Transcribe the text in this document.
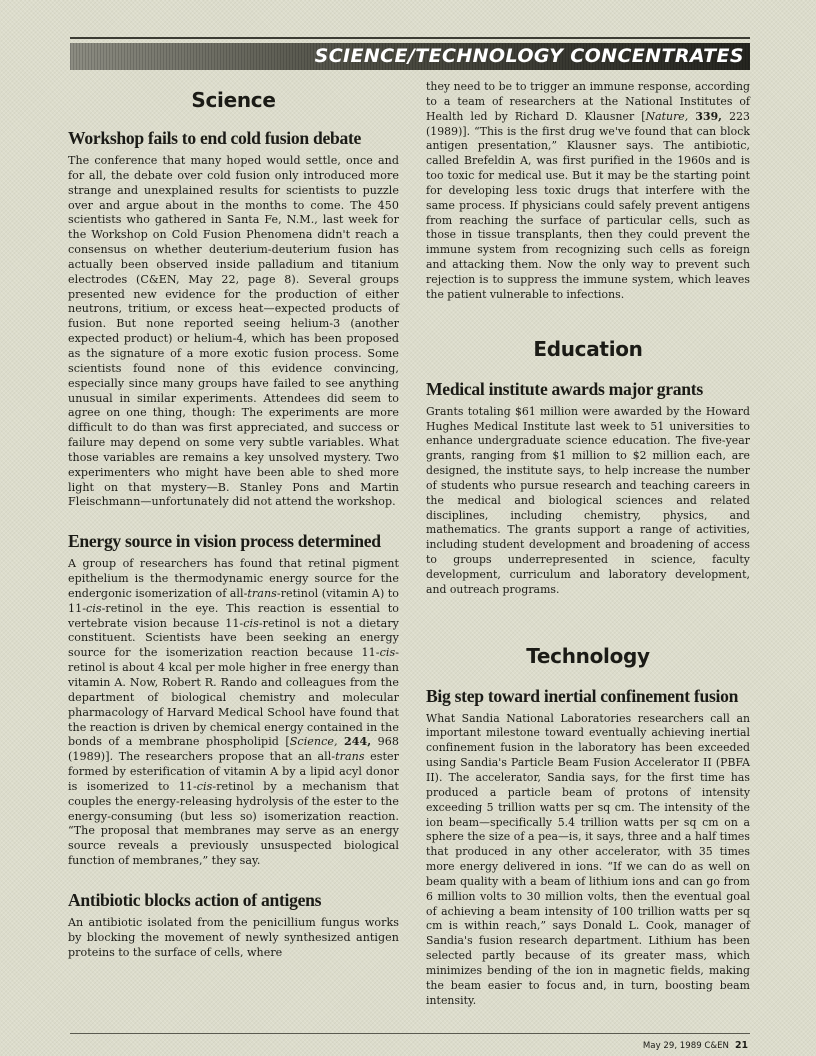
SCIENCE/TECHNOLOGY CONCENTRATES
Science
Workshop fails to end cold fusion debate

The conference that many hoped would settle, once and for all, the debate over cold fusion only introduced more strange and unexplained results for scientists to puzzle over and argue about in the months to come. The 450 scientists who gathered in Santa Fe, N.M., last week for the Workshop on Cold Fusion Phenomena didn't reach a consensus on whether deuterium-deuterium fusion has actually been observed inside palladium and titanium electrodes (C&EN, May 22, page 8). Several groups presented new evidence for the production of either neutrons, tritium, or excess heat—expected products of fusion. But none reported seeing helium-3 (another expected product) or helium-4, which has been proposed as the signature of a more exotic fusion process. Some scientists found none of this evidence convincing, especially since many groups have failed to see anything unusual in similar experiments. Attendees did seem to agree on one thing, though: The experiments are more difficult to do than was first appreciated, and success or failure may depend on some very subtle variables. What those variables are remains a key unsolved mystery. Two experimenters who might have been able to shed more light on that mystery—B. Stanley Pons and Martin Fleischmann—unfortunately did not attend the workshop.

Energy source in vision process determined

A group of researchers has found that retinal pigment epithelium is the thermodynamic energy source for the endergonic isomerization of all-trans-retinol (vitamin A) to 11-cis-retinol in the eye. This reaction is essential to vertebrate vision because 11-cis-retinol is not a dietary constituent. Scientists have been seeking an energy source for the isomerization reaction because 11-cis-retinol is about 4 kcal per mole higher in free energy than vitamin A. Now, Robert R. Rando and colleagues from the department of biological chemistry and molecular pharmacology of Harvard Medical School have found that the reaction is driven by chemical energy contained in the bonds of a membrane phospholipid [Science, 244, 968 (1989)]. The researchers propose that an all-trans ester formed by esterification of vitamin A by a lipid acyl donor is isomerized to 11-cis-retinol by a mechanism that couples the energy-releasing hydrolysis of the ester to the energy-consuming (but less so) isomerization reaction. “The proposal that membranes may serve as an energy source reveals a previously unsuspected biological function of membranes,” they say.

Antibiotic blocks action of antigens

An antibiotic isolated from the penicillium fungus works by blocking the movement of newly synthesized antigen proteins to the surface of cells, where

they need to be to trigger an immune response, according to a team of researchers at the National Institutes of Health led by Richard D. Klausner [Nature, 339, 223 (1989)]. “This is the first drug we've found that can block antigen presentation,” Klausner says. The antibiotic, called Brefeldin A, was first purified in the 1960s and is too toxic for medical use. But it may be the starting point for developing less toxic drugs that interfere with the same process. If physicians could safely prevent antigens from reaching the surface of particular cells, such as those in tissue transplants, then they could prevent the immune system from recognizing such cells as foreign and attacking them. Now the only way to prevent such rejection is to suppress the immune system, which leaves the patient vulnerable to infections.

Education
Medical institute awards major grants

Grants totaling $61 million were awarded by the Howard Hughes Medical Institute last week to 51 universities to enhance undergraduate science education. The five-year grants, ranging from $1 million to $2 million each, are designed, the institute says, to help increase the number of students who pursue research and teaching careers in the medical and biological sciences and related disciplines, including chemistry, physics, and mathematics. The grants support a range of activities, including student development and broadening of access to groups underrepresented in science, faculty development, curriculum and laboratory development, and outreach programs.

Technology
Big step toward inertial confinement fusion

What Sandia National Laboratories researchers call an important milestone toward eventually achieving inertial confinement fusion in the laboratory has been exceeded using Sandia's Particle Beam Fusion Accelerator II (PBFA II). The accelerator, Sandia says, for the first time has produced a particle beam of protons of intensity exceeding 5 trillion watts per sq cm. The intensity of the ion beam—specifically 5.4 trillion watts per sq cm on a sphere the size of a pea—is, it says, three and a half times that produced in any other accelerator, with 35 times more energy delivered in ions. “If we can do as well on beam quality with a beam of lithium ions and can go from 6 million volts to 30 million volts, then the eventual goal of achieving a beam intensity of 100 trillion watts per sq cm is within reach,” says Donald L. Cook, manager of Sandia's fusion research department. Lithium has been selected partly because of its greater mass, which minimizes bending of the ion in magnetic fields, making the beam easier to focus and, in turn, boosting beam intensity.

May 29, 1989 C&EN 21
